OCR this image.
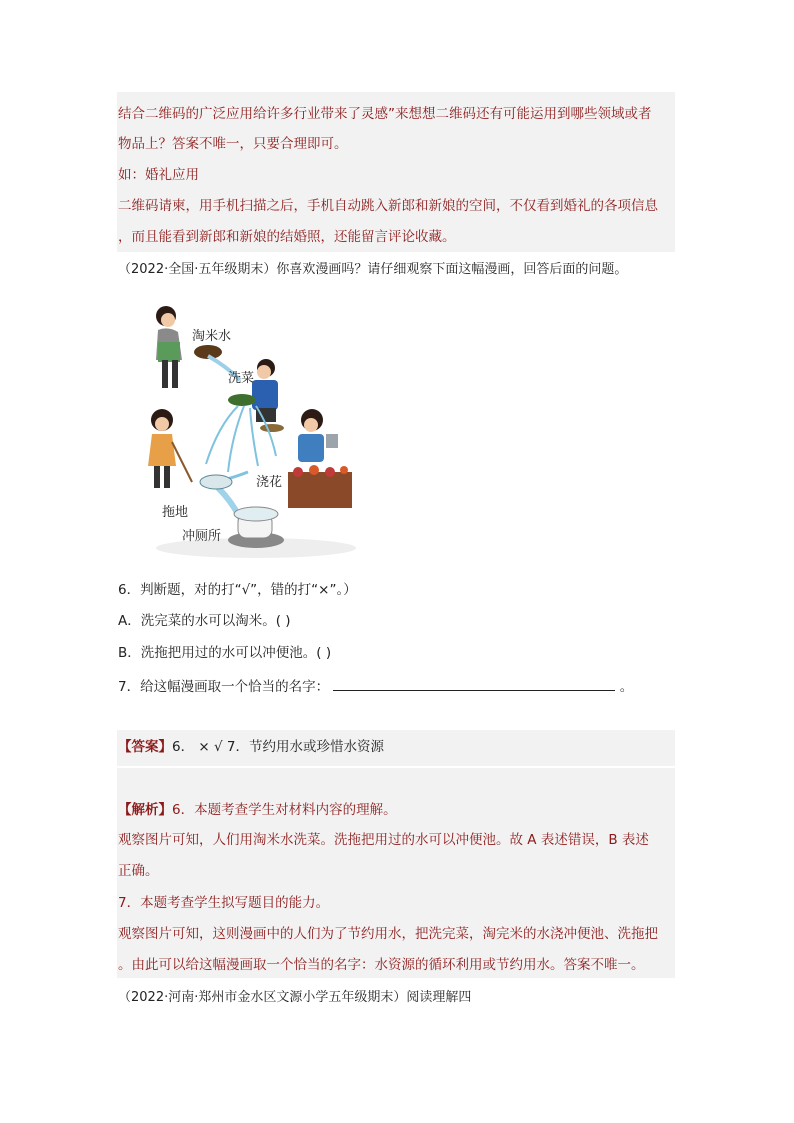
结合二维码的广泛应用给许多行业带来了灵感”来想想二维码还有可能运用到哪些领域或者
物品上？答案不唯一，只要合理即可。
如：婚礼应用
二维码请柬，用手机扫描之后，手机自动跳入新郎和新娘的空间，不仅看到婚礼的各项信息
，而且能看到新郎和新娘的结婚照，还能留言评论收藏。
（2022·全国·五年级期末）你喜欢漫画吗？请仔细观察下面这幅漫画，回答后面的问题。
淘米水
洗菜
拖地
浇花
冲厕所
6．判断题，对的打“√”，错的打“×”。）
A．洗完菜的水可以淘米。( )
B．洗拖把用过的水可以冲便池。( )
7．给这幅漫画取一个恰当的名字：	。
【答案】6． × √ 7．节约用水或珍惜水资源
【解析】6．本题考查学生对材料内容的理解。
观察图片可知，人们用淘米水洗菜。洗拖把用过的水可以冲便池。故 A 表述错误，B 表述
正确。
7．本题考查学生拟写题目的能力。
观察图片可知，这则漫画中的人们为了节约用水，把洗完菜，淘完米的水浇冲便池、洗拖把
。由此可以给这幅漫画取一个恰当的名字：水资源的循环利用或节约用水。答案不唯一。
（2022·河南·郑州市金水区文源小学五年级期末）阅读理解四
